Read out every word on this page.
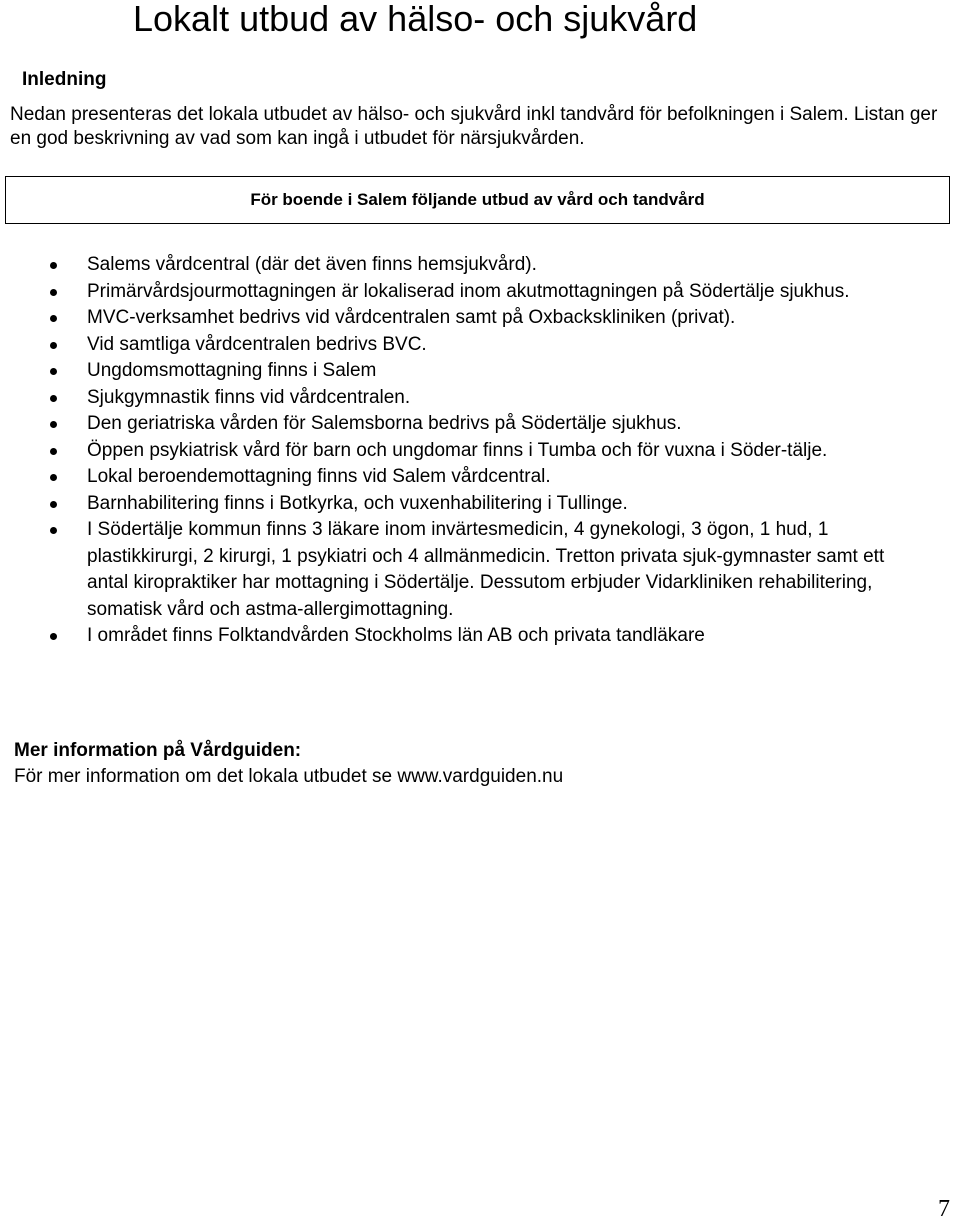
Lokalt utbud av hälso- och sjukvård
Inledning

Nedan presenteras det lokala utbudet av hälso- och sjukvård inkl tandvård för befolkningen i Salem. Listan ger en god beskrivning av vad som kan ingå i utbudet för närsjukvården.

För boende i Salem följande utbud av vård och tandvård
Salems vårdcentral (där det även finns hemsjukvård).
Primärvårdsjourmottagningen är lokaliserad inom akutmottagningen på Södertälje sjukhus.
MVC-verksamhet bedrivs vid vårdcentralen samt på Oxbackskliniken (privat).
Vid samtliga vårdcentralen bedrivs BVC.
Ungdomsmottagning finns i Salem
Sjukgymnastik finns vid vårdcentralen.
Den geriatriska vården för Salemsborna bedrivs på Södertälje sjukhus.
Öppen psykiatrisk vård för barn och ungdomar finns i Tumba och för vuxna i Söder-tälje.
Lokal beroendemottagning finns vid Salem vårdcentral.
Barnhabilitering finns i Botkyrka, och vuxenhabilitering i Tullinge.
I Södertälje kommun finns 3 läkare inom invärtesmedicin, 4 gynekologi, 3 ögon, 1 hud, 1 plastikkirurgi, 2 kirurgi, 1 psykiatri och 4 allmänmedicin. Tretton privata sjuk-gymnaster samt ett antal kiropraktiker har mottagning i Södertälje. Dessutom erbjuder Vidarkliniken rehabilitering, somatisk vård och astma-allergimottagning.
I området finns Folktandvården Stockholms län AB och privata tandläkare
Mer information på Vårdguiden:

För mer information om det lokala utbudet se www.vardguiden.nu

7
